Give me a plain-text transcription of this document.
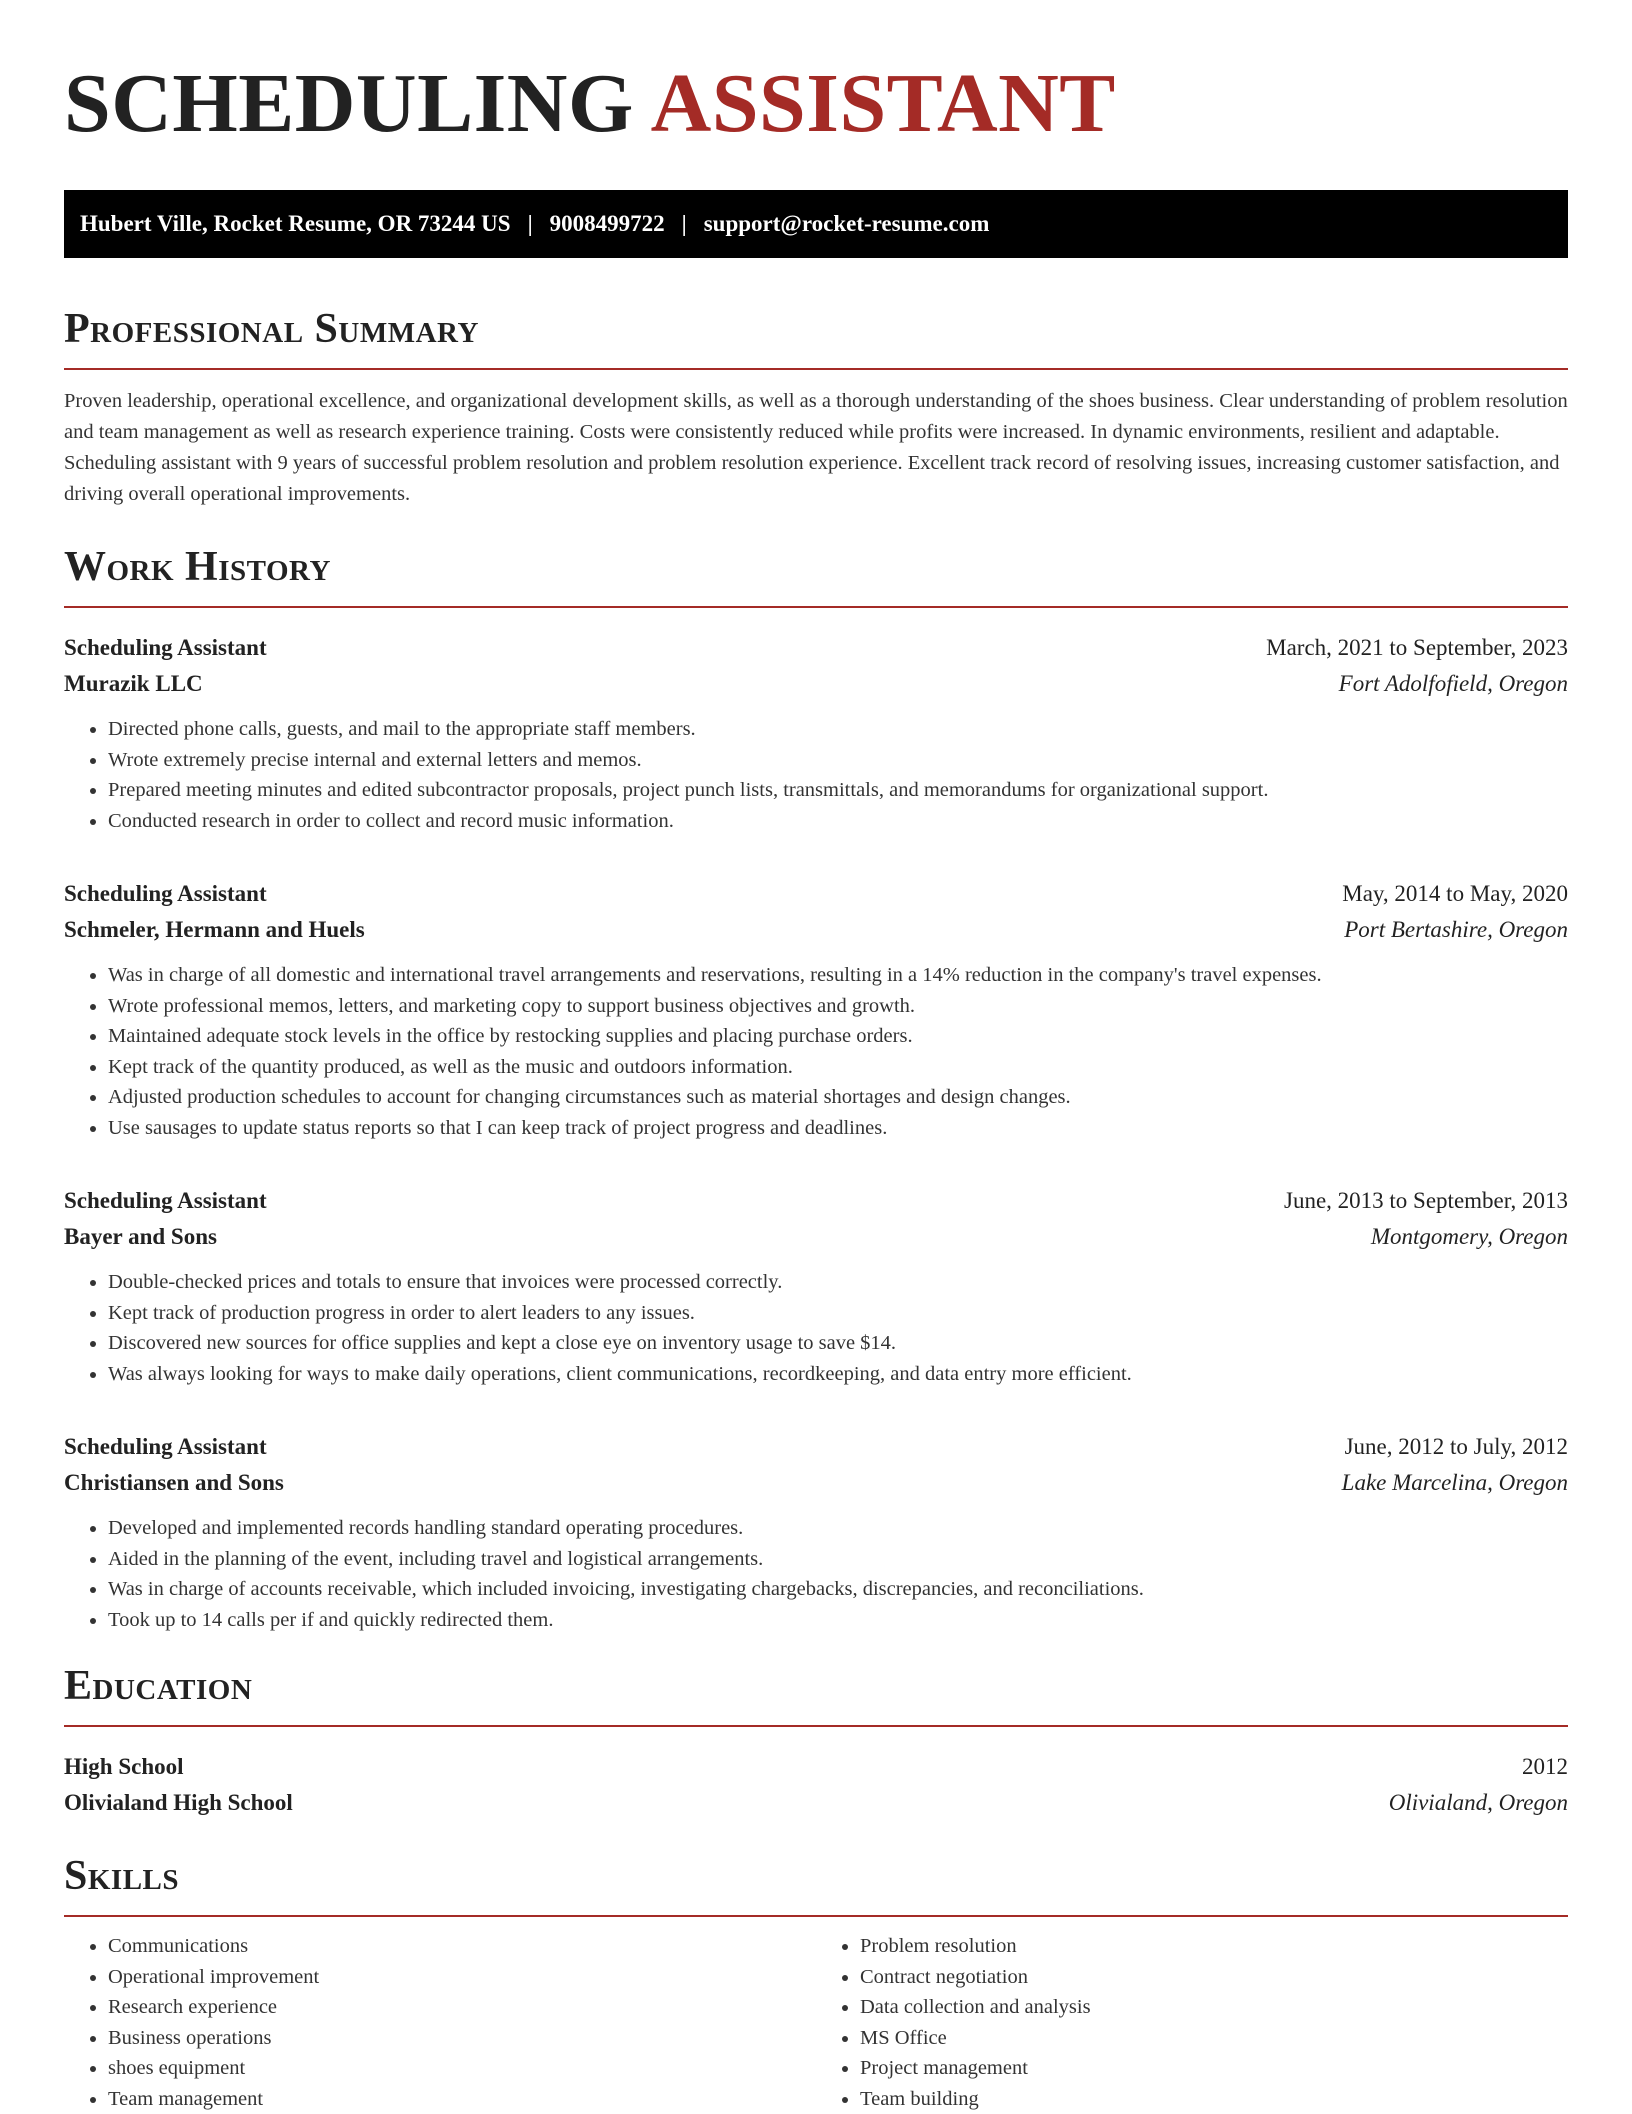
SCHEDULING ASSISTANT
Hubert Ville, Rocket Resume, OR 73244 US | 9008499722 | support@rocket-resume.com
Professional Summary

Proven leadership, operational excellence, and organizational development skills, as well as a thorough understanding of the shoes business. Clear understanding of problem resolution and team management as well as research experience training. Costs were consistently reduced while profits were increased. In dynamic environments, resilient and adaptable. Scheduling assistant with 9 years of successful problem resolution and problem resolution experience. Excellent track record of resolving issues, increasing customer satisfaction, and driving overall operational improvements.

Work History
Scheduling Assistant	March, 2021 to September, 2023
Murazik LLC	Fort Adolfofield, Oregon
• Directed phone calls, guests, and mail to the appropriate staff members.
• Wrote extremely precise internal and external letters and memos.
• Prepared meeting minutes and edited subcontractor proposals, project punch lists, transmittals, and memorandums for organizational support.
• Conducted research in order to collect and record music information.
Scheduling Assistant	May, 2014 to May, 2020
Schmeler, Hermann and Huels	Port Bertashire, Oregon
• Was in charge of all domestic and international travel arrangements and reservations, resulting in a 14% reduction in the company's travel expenses.
• Wrote professional memos, letters, and marketing copy to support business objectives and growth.
• Maintained adequate stock levels in the office by restocking supplies and placing purchase orders.
• Kept track of the quantity produced, as well as the music and outdoors information.
• Adjusted production schedules to account for changing circumstances such as material shortages and design changes.
• Use sausages to update status reports so that I can keep track of project progress and deadlines.
Scheduling Assistant	June, 2013 to September, 2013
Bayer and Sons	Montgomery, Oregon
• Double-checked prices and totals to ensure that invoices were processed correctly.
• Kept track of production progress in order to alert leaders to any issues.
• Discovered new sources for office supplies and kept a close eye on inventory usage to save $14.
• Was always looking for ways to make daily operations, client communications, recordkeeping, and data entry more efficient.
Scheduling Assistant	June, 2012 to July, 2012
Christiansen and Sons	Lake Marcelina, Oregon
• Developed and implemented records handling standard operating procedures.
• Aided in the planning of the event, including travel and logistical arrangements.
• Was in charge of accounts receivable, which included invoicing, investigating chargebacks, discrepancies, and reconciliations.
• Took up to 14 calls per if and quickly redirected them.
Education
High School	2012
Olivialand High School	Olivialand, Oregon
Skills
• Communications
• Operational improvement
• Research experience
• Business operations
• shoes equipment
• Team management
• Problem resolution
• Contract negotiation
• Data collection and analysis
• MS Office
• Project management
• Team building
